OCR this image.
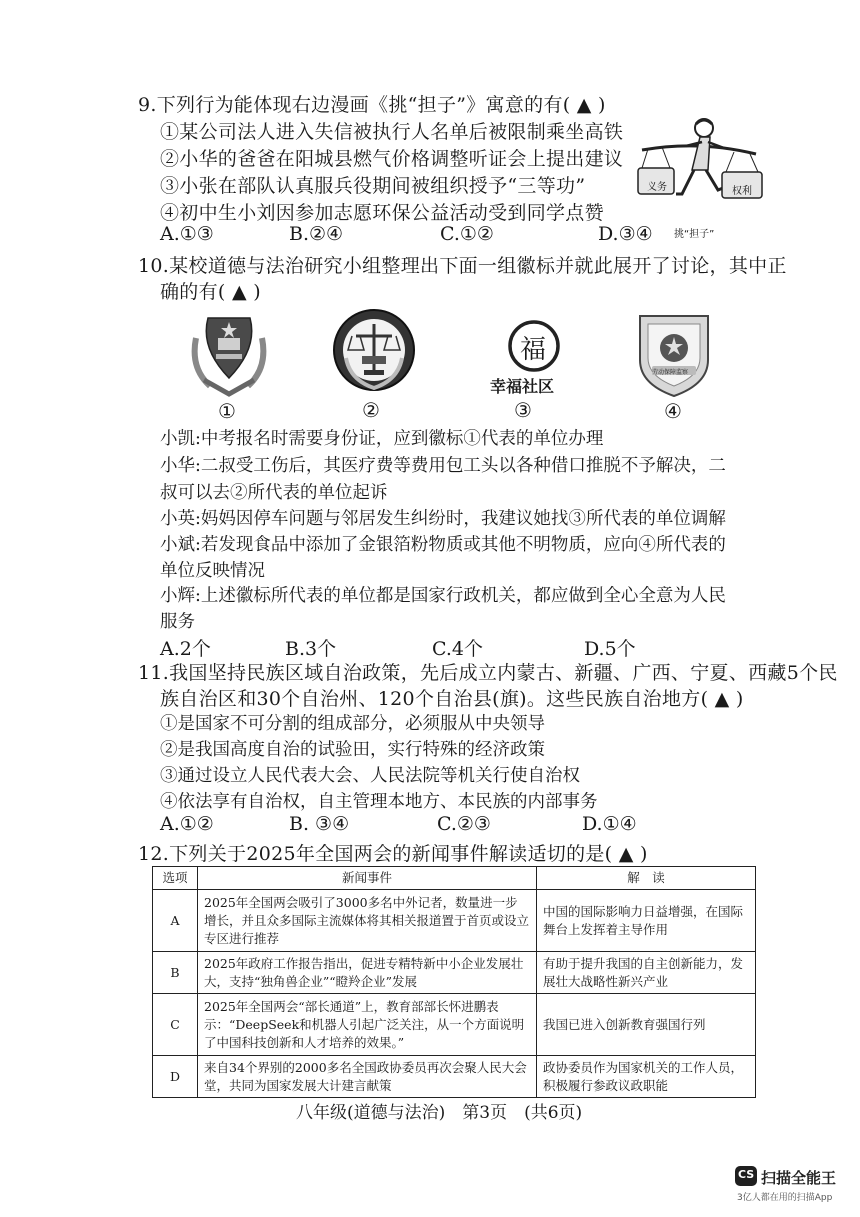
9.下列行为能体现右边漫画《挑“担子”》寓意的有( ▲ )
①某公司法人进入失信被执行人名单后被限制乘坐高铁
②小华的爸爸在阳城县燃气价格调整听证会上提出建议
③小张在部队认真服兵役期间被组织授予“三等功”
④初中生小刘因参加志愿环保公益活动受到同学点赞
A.①③	B.②④	C.①②	D.③④
义务	权利
挑“担子”
10.某校道德与法治研究小组整理出下面一组徽标并就此展开了讨论，其中正
确的有( ▲ )
①	②
福
幸福社区
③
劳动保障监察
④
小凯:中考报名时需要身份证，应到徽标①代表的单位办理
小华:二叔受工伤后，其医疗费等费用包工头以各种借口推脱不予解决，二
叔可以去②所代表的单位起诉
小英:妈妈因停车问题与邻居发生纠纷时，我建议她找③所代表的单位调解
小斌:若发现食品中添加了金银箔粉物质或其他不明物质，应向④所代表的
单位反映情况
小辉:上述徽标所代表的单位都是国家行政机关，都应做到全心全意为人民
服务
A.2个	B.3个	C.4个	D.5个
11.我国坚持民族区域自治政策，先后成立内蒙古、新疆、广西、宁夏、西藏5个民
族自治区和30个自治州、120个自治县(旗)。这些民族自治地方( ▲ )
①是国家不可分割的组成部分，必须服从中央领导
②是我国高度自治的试验田，实行特殊的经济政策
③通过设立人民代表大会、人民法院等机关行使自治权
④依法享有自治权，自主管理本地方、本民族的内部事务
A.①②	B. ③④	C.②③	D.①④
12.下列关于2025年全国两会的新闻事件解读适切的是( ▲ )
选项	新闻事件	解　读
A	2025年全国两会吸引了3000多名中外记者，数量进一步增长，并且众多国际主流媒体将其相关报道置于首页或设立专区进行推荐	中国的国际影响力日益增强，在国际舞台上发挥着主导作用
B	2025年政府工作报告指出，促进专精特新中小企业发展壮大，支持“独角兽企业”“瞪羚企业”发展	有助于提升我国的自主创新能力，发展壮大战略性新兴产业
C	2025年全国两会“部长通道”上，教育部部长怀进鹏表示：“DeepSeek和机器人引起广泛关注，从一个方面说明了中国科技创新和人才培养的效果。”	我国已进入创新教育强国行列
D	来自34个界别的2000多名全国政协委员再次会聚人民大会堂，共同为国家发展大计建言献策	政协委员作为国家机关的工作人员，积极履行参政议政职能
八年级(道德与法治)　第3页　(共6页)
CS 扫描全能王
3亿人都在用的扫描App
